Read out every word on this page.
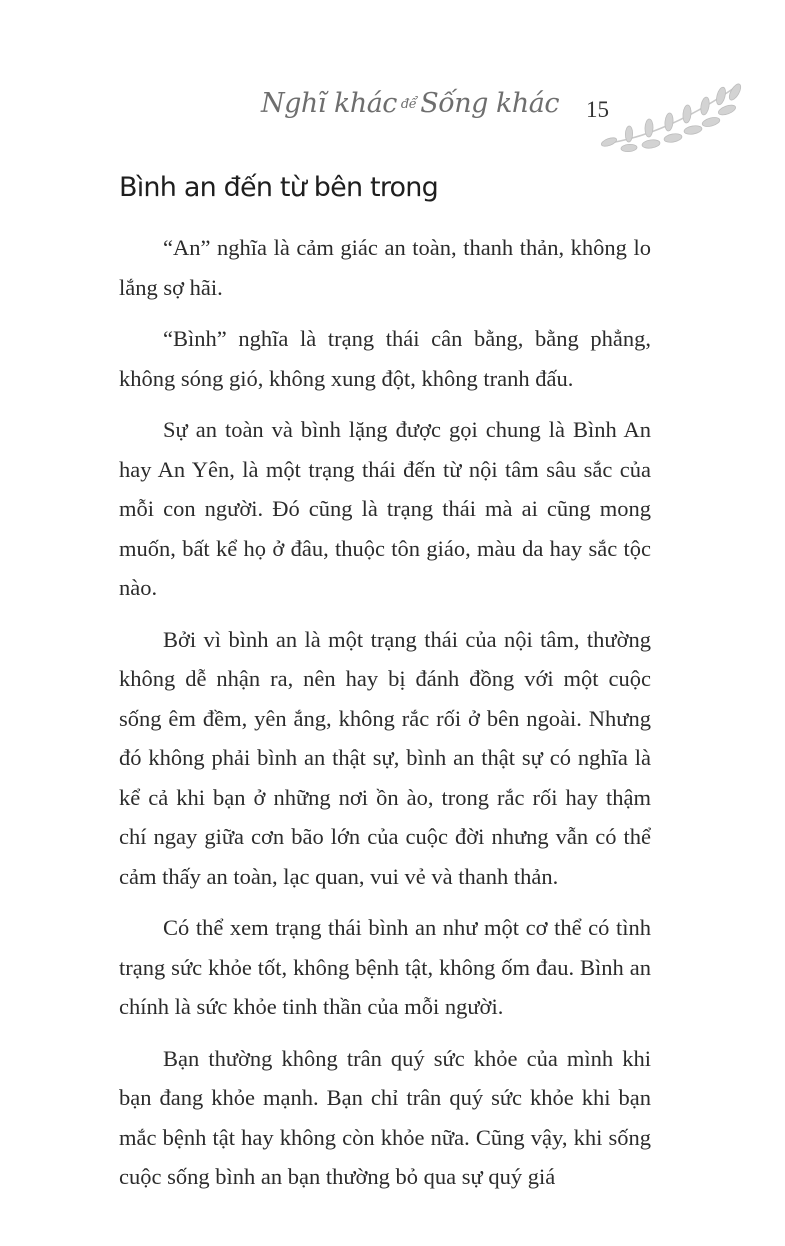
Nghĩ khác để Sống khác 15
Bình an đến từ bên trong

“An” nghĩa là cảm giác an toàn, thanh thản, không lo lắng sợ hãi.

“Bình” nghĩa là trạng thái cân bằng, bằng phẳng, không sóng gió, không xung đột, không tranh đấu.

Sự an toàn và bình lặng được gọi chung là Bình An hay An Yên, là một trạng thái đến từ nội tâm sâu sắc của mỗi con người. Đó cũng là trạng thái mà ai cũng mong muốn, bất kể họ ở đâu, thuộc tôn giáo, màu da hay sắc tộc nào.

Bởi vì bình an là một trạng thái của nội tâm, thường không dễ nhận ra, nên hay bị đánh đồng với một cuộc sống êm đềm, yên ắng, không rắc rối ở bên ngoài. Nhưng đó không phải bình an thật sự, bình an thật sự có nghĩa là kể cả khi bạn ở những nơi ồn ào, trong rắc rối hay thậm chí ngay giữa cơn bão lớn của cuộc đời nhưng vẫn có thể cảm thấy an toàn, lạc quan, vui vẻ và thanh thản.

Có thể xem trạng thái bình an như một cơ thể có tình trạng sức khỏe tốt, không bệnh tật, không ốm đau. Bình an chính là sức khỏe tinh thần của mỗi người.

Bạn thường không trân quý sức khỏe của mình khi bạn đang khỏe mạnh. Bạn chỉ trân quý sức khỏe khi bạn mắc bệnh tật hay không còn khỏe nữa. Cũng vậy, khi sống cuộc sống bình an bạn thường bỏ qua sự quý giá
